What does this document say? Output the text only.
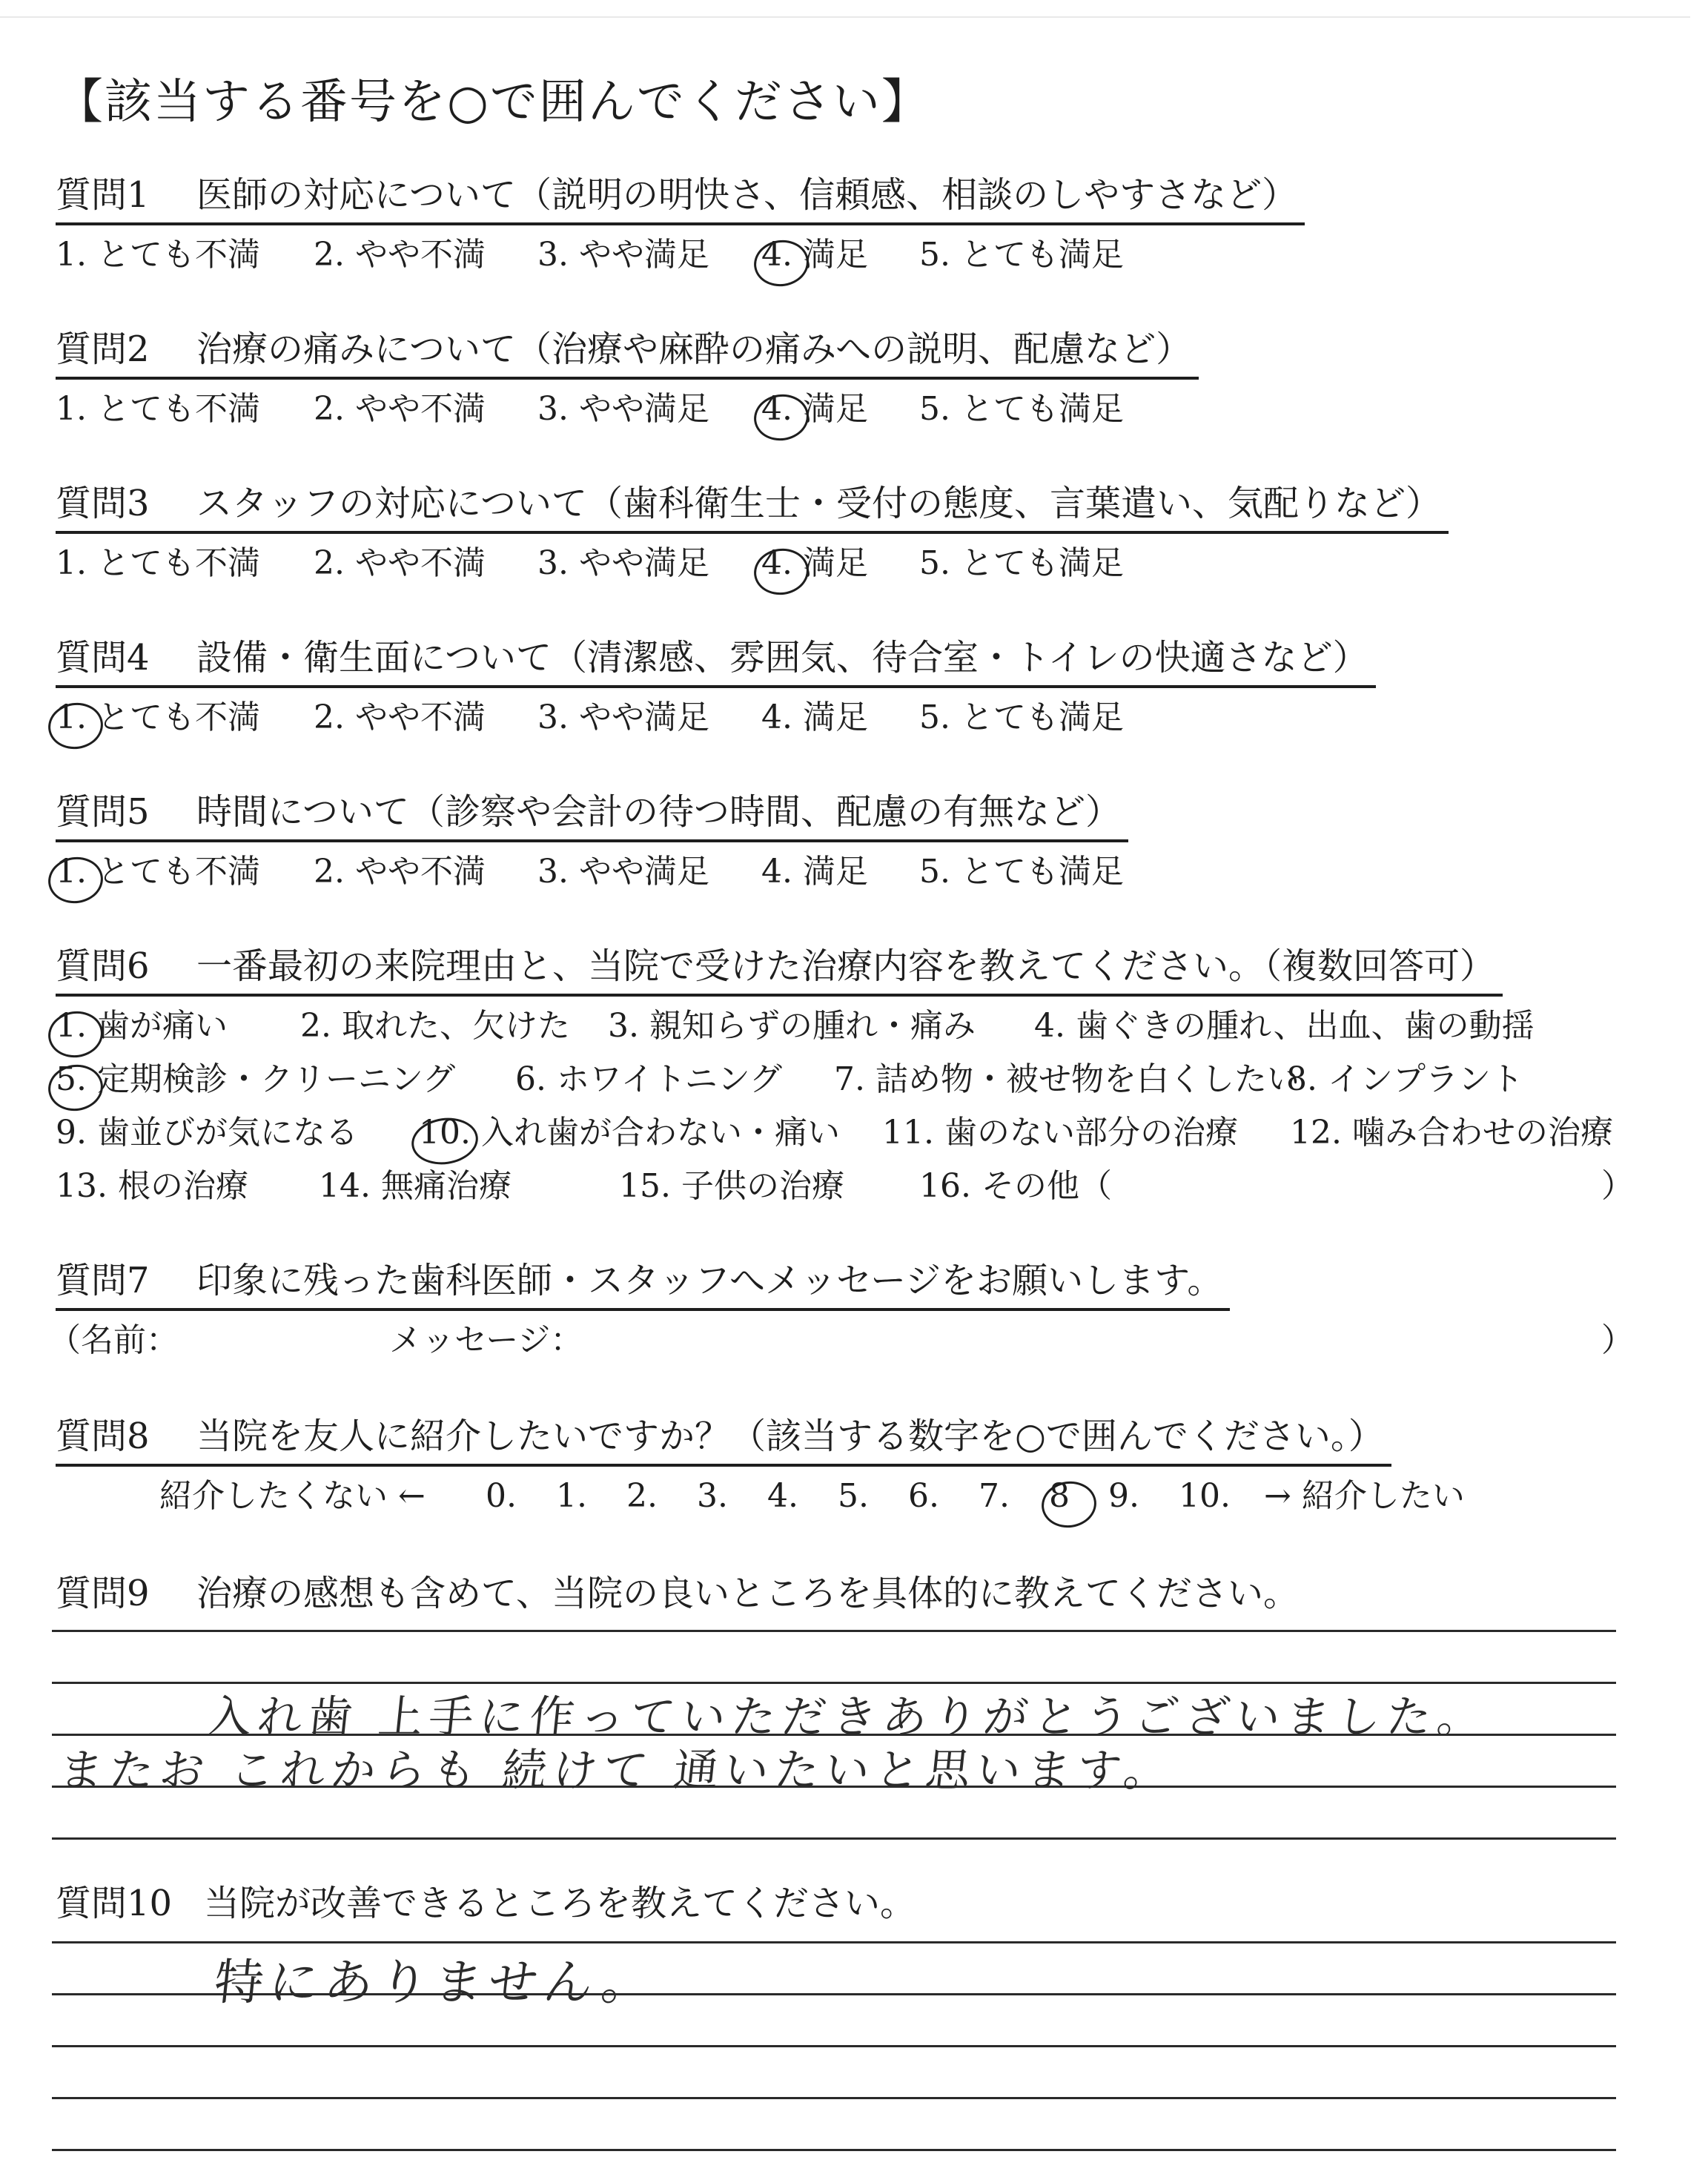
【該当する番号を○で囲んでください】
質問1 医師の対応について（説明の明快さ、信頼感、相談のしやすさなど）
1. とても不満 2. やや不満 3. やや満足 4. 満足 5. とても満足
質問2 治療の痛みについて（治療や麻酔の痛みへの説明、配慮など）
1. とても不満 2. やや不満 3. やや満足 4. 満足 5. とても満足
質問3 スタッフの対応について（歯科衛生士・受付の態度、言葉遣い、気配りなど）
1. とても不満 2. やや不満 3. やや満足 4. 満足 5. とても満足
質問4 設備・衛生面について（清潔感、雰囲気、待合室・トイレの快適さなど）
1. とても不満 2. やや不満 3. やや満足 4. 満足 5. とても満足
質問5 時間について（診察や会計の待つ時間、配慮の有無など）
1. とても不満 2. やや不満 3. やや満足 4. 満足 5. とても満足
質問6 一番最初の来院理由と、当院で受けた治療内容を教えてください。（複数回答可）
1. 歯が痛い 2. 取れた、欠けた 3. 親知らずの腫れ・痛み 4. 歯ぐきの腫れ、出血、歯の動揺
5. 定期検診・クリーニング 6. ホワイトニング 7. 詰め物・被せ物を白くしたい
8. インプラント
9. 歯並びが気になる 10. 入れ歯が合わない・痛い 11. 歯のない部分の治療 12. 噛み合わせの治療
13. 根の治療 14. 無痛治療	15. 子供の治療 16. その他（	）
質問7 印象に残った歯科医師・スタッフへメッセージをお願いします。
（名前：	メッセージ：	）
質問8 当院を友人に紹介したいですか？（該当する数字を○で囲んでください。）
紹介したくない ← 0. 1. 2. 3. 4. 5. 6. 7. 8 9. 10. → 紹介したい
質問9 治療の感想も含めて、当院の良いところを具体的に教えてください。
入れ歯 上手に作っていただきありがとうございました。
またお これからも 続けて 通いたいと思います。
質問10 当院が改善できるところを教えてください。
特にありません。
